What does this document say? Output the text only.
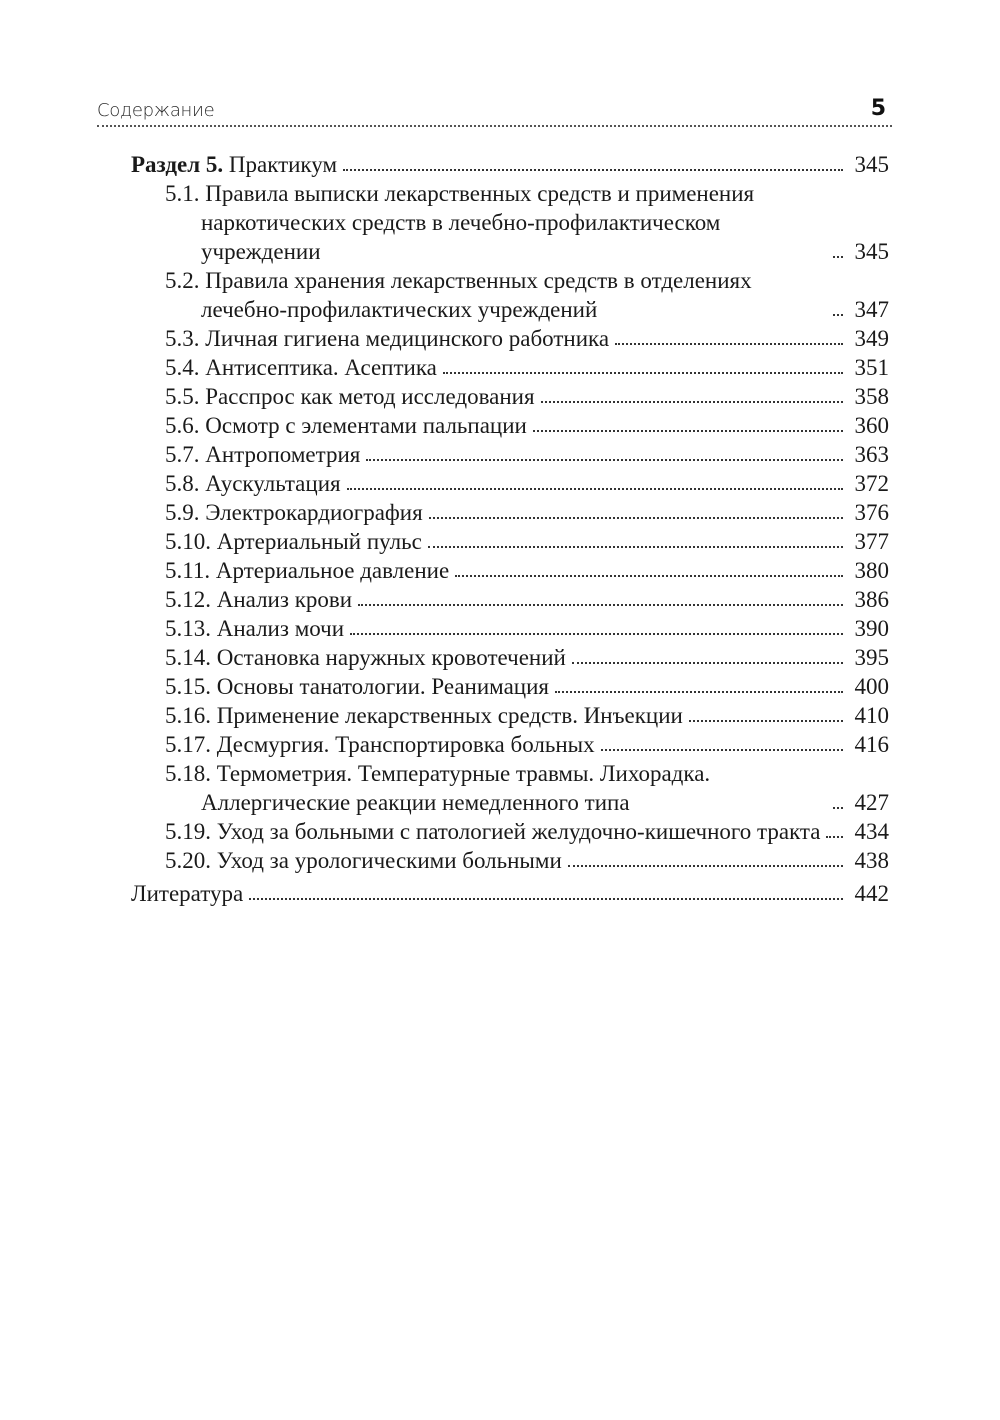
Содержание	5
Раздел 5. Практикум	345
5.1. Правила выписки лекарственных средств и применения наркотических средств в лечебно-профилактическом учреждении	345
5.2. Правила хранения лекарственных средств в отделениях лечебно-профилактических учреждений	347
5.3. Личная гигиена медицинского работника	349
5.4. Антисептика. Асептика	351
5.5. Расспрос как метод исследования	358
5.6. Осмотр с элементами пальпации	360
5.7. Антропометрия	363
5.8. Аускультация	372
5.9. Электрокардиография	376
5.10. Артериальный пульс	377
5.11. Артериальное давление	380
5.12. Анализ крови	386
5.13. Анализ мочи	390
5.14. Остановка наружных кровотечений	395
5.15. Основы танатологии. Реанимация	400
5.16. Применение лекарственных средств. Инъекции	410
5.17. Десмургия. Транспортировка больных	416
5.18. Термометрия. Температурные травмы. Лихорадка. Аллергические реакции немедленного типа	427
5.19. Уход за больными с патологией желудочно-кишечного тракта 434
5.20. Уход за урологическими больными	438
Литература	442
